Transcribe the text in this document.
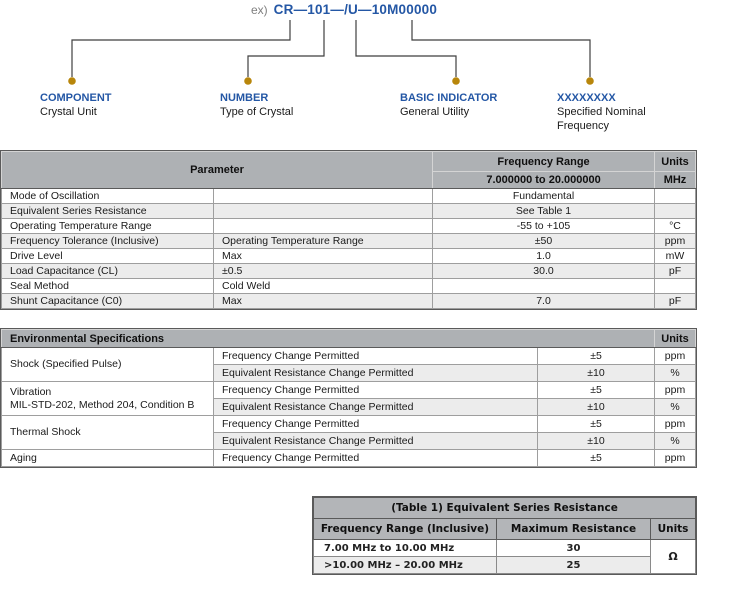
ex) CR—101—/U—10M00000
COMPONENT
Crystal Unit
NUMBER
Type of Crystal
BASIC INDICATOR
General Utility
XXXXXXXX
Specified Nominal Frequency
Parameter		Frequency Range	Units
		7.000000 to 20.000000	MHz
Mode of Oscillation		Fundamental	
Equivalent Series Resistance		See Table 1	
Operating Temperature Range		-55 to +105	°C
Frequency Tolerance (Inclusive)	Operating Temperature Range	±50	ppm
Drive Level	Max	1.0	mW
Load Capacitance (CL)	±0.5	30.0	pF
Seal Method	Cold Weld		
Shunt Capacitance (C0)	Max	7.0	pF
Environmental Specifications			Units
Shock (Specified Pulse)	Frequency Change Permitted	±5	ppm
	Equivalent Resistance Change Permitted	±10	%

Vibration
MIL-STD-202, Method 204, Condition B	Frequency Change Permitted	±5	ppm
	Equivalent Resistance Change Permitted	±10	%
Thermal Shock	Frequency Change Permitted	±5	ppm
	Equivalent Resistance Change Permitted	±10	%
Aging	Frequency Change Permitted	±5	ppm
(Table 1) Equivalent Series Resistance		
Frequency Range (Inclusive)	Maximum Resistance	Units
7.00 MHz to 10.00 MHz	30	Ω
>10.00 MHz – 20.00 MHz	25	
